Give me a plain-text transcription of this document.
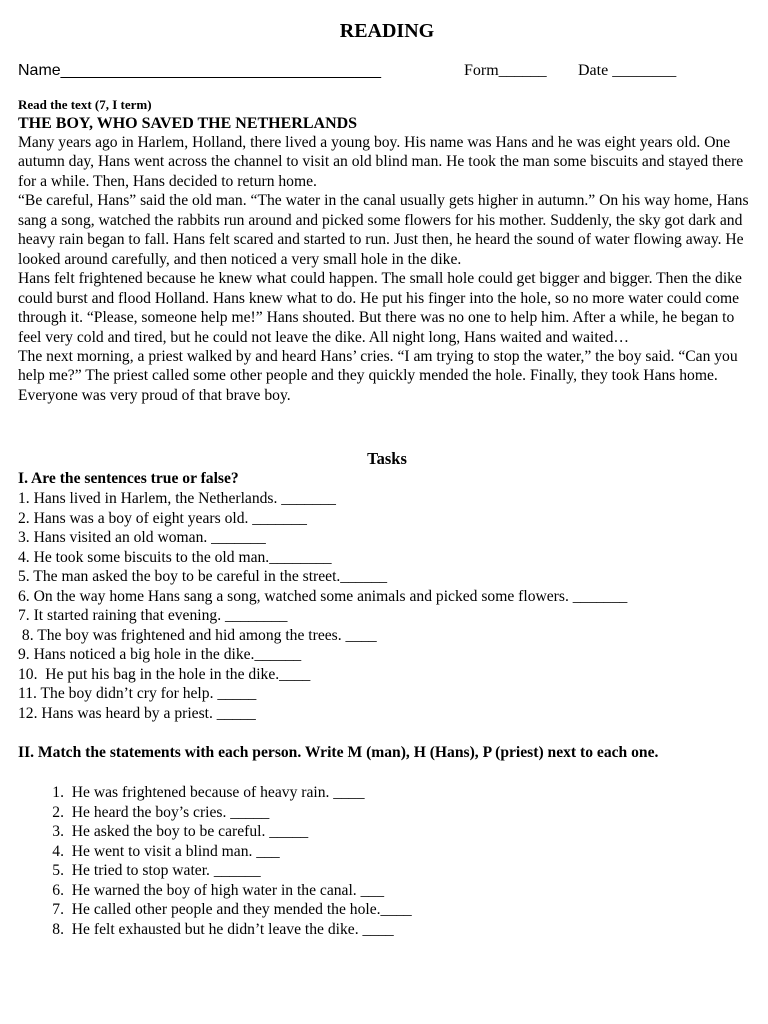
READING
Name____________________________________	Form______ Date ________
Read the text (7, I term)
THE BOY, WHO SAVED THE NETHERLANDS

Many years ago in Harlem, Holland, there lived a young boy. His name was Hans and he was eight years old. One autumn day, Hans went across the channel to visit an old blind man. He took the man some biscuits and stayed there for a while. Then, Hans decided to return home.

“Be careful, Hans” said the old man. “The water in the canal usually gets higher in autumn.” On his way home, Hans sang a song, watched the rabbits run around and picked some flowers for his mother. Suddenly, the sky got dark and heavy rain began to fall. Hans felt scared and started to run. Just then, he heard the sound of water flowing away. He looked around carefully, and then noticed a very small hole in the dike.

Hans felt frightened because he knew what could happen. The small hole could get bigger and bigger. Then the dike could burst and flood Holland. Hans knew what to do. He put his finger into the hole, so no more water could come through it. “Please, someone help me!” Hans shouted. But there was no one to help him. After a while, he began to feel very cold and tired, but he could not leave the dike. All night long, Hans waited and waited…

The next morning, a priest walked by and heard Hans’ cries. “I am trying to stop the water,” the boy said. “Can you help me?” The priest called some other people and they quickly mended the hole. Finally, they took Hans home. Everyone was very proud of that brave boy.

Tasks
I. Are the sentences true or false?
1. Hans lived in Harlem, the Netherlands. _______
2. Hans was a boy of eight years old. _______
3. Hans visited an old woman. _______
4. He took some biscuits to the old man.________
5. The man asked the boy to be careful in the street.______
6. On the way home Hans sang a song, watched some animals and picked some flowers. _______
7. It started raining that evening. ________
8. The boy was frightened and hid among the trees. ____
9. Hans noticed a big hole in the dike.______
10.  He put his bag in the hole in the dike.____
11. The boy didn’t cry for help. _____
12. Hans was heard by a priest. _____
II. Match the statements with each person. Write M (man), H (Hans), P (priest) next to each one.
1. He was frightened because of heavy rain. ____
2. He heard the boy’s cries. _____
3. He asked the boy to be careful. _____
4. He went to visit a blind man. ___
5. He tried to stop water. ______
6. He warned the boy of high water in the canal. ___
7. He called other people and they mended the hole.____
8. He felt exhausted but he didn’t leave the dike. ____
